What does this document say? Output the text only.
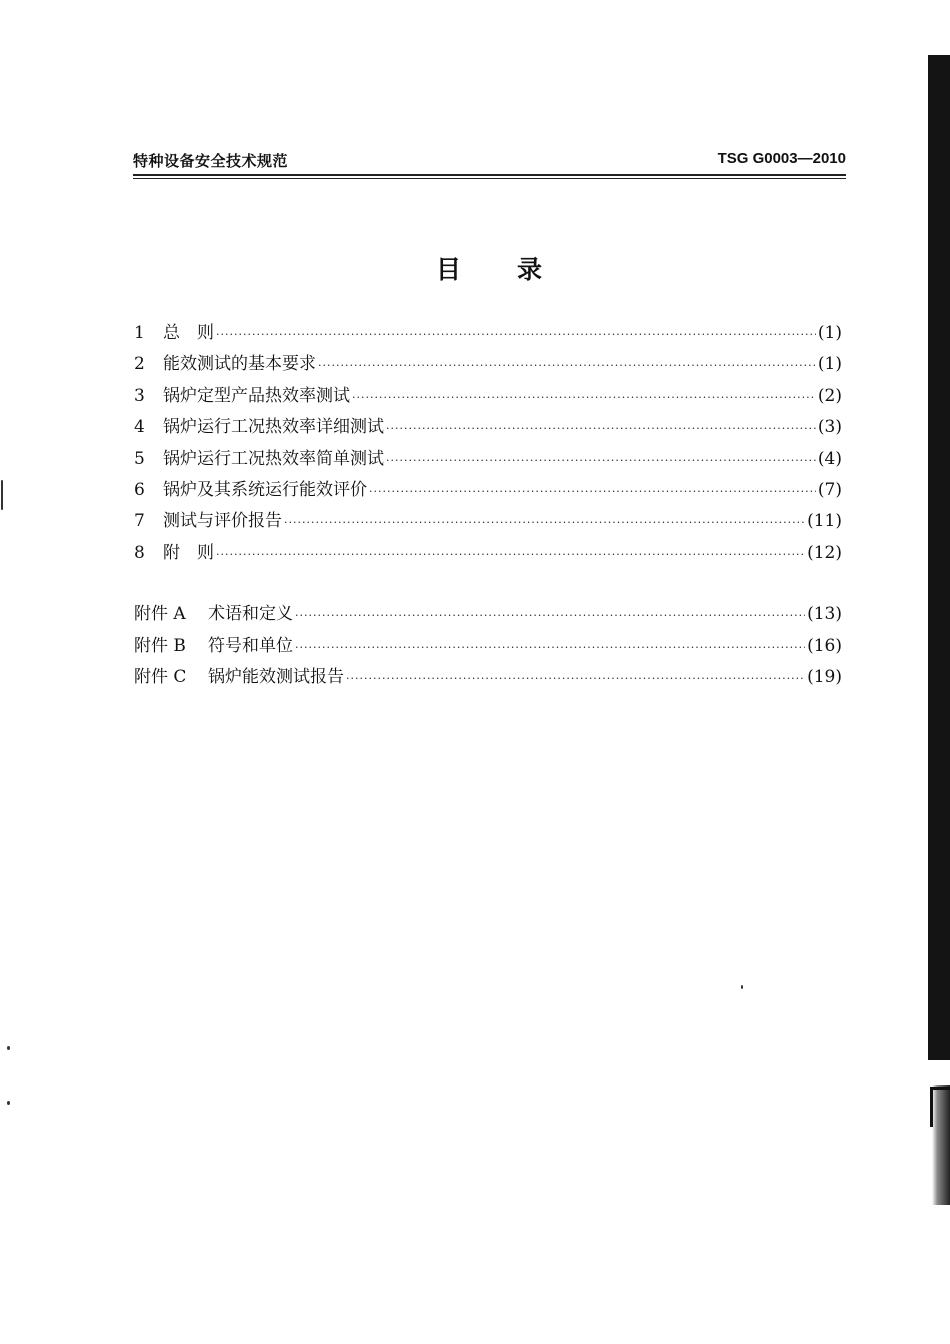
特种设备安全技术规范	TSG G0003—2010
目　　录
1	总　则 ·····	(1)
2	能效测试的基本要求 ·····	(1)
3	锅炉定型产品热效率测试 ·····	(2)
4	锅炉运行工况热效率详细测试 ·····	(3)
5	锅炉运行工况热效率简单测试 ·····	(4)
6	锅炉及其系统运行能效评价 ·····	(7)
7	测试与评价报告 ·····	(11)
8	附　则 ·····	(12)
附件 A	术语和定义 ·····	(13)
附件 B	符号和单位 ·····	(16)
附件 C	锅炉能效测试报告 ·····	(19)
